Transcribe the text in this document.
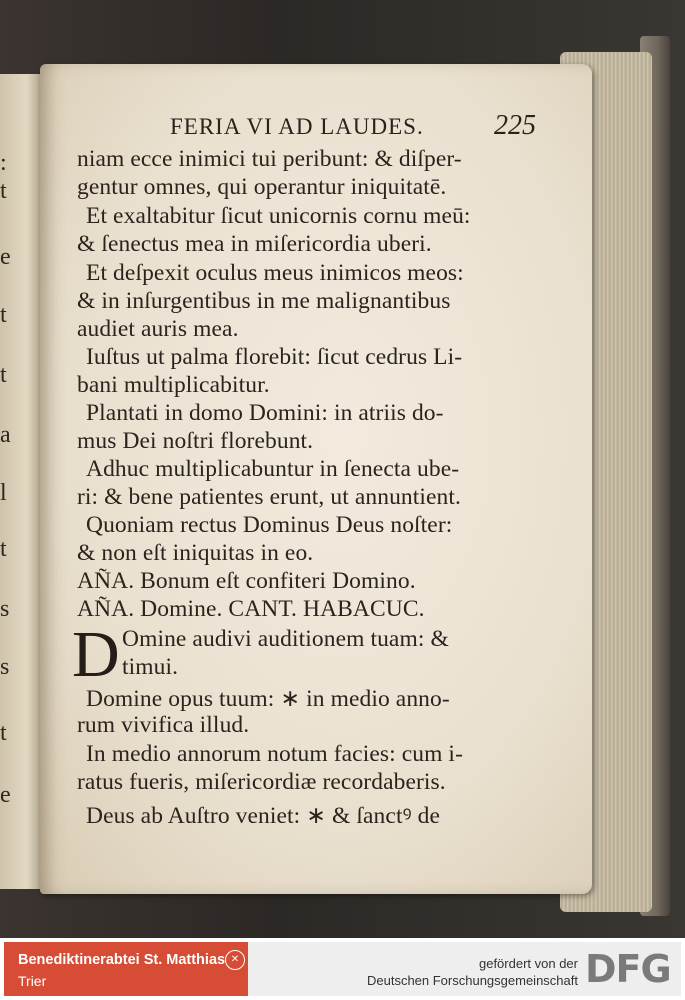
:
t
e
t
t
a
l
t
s
s
t
e
FERIA VI AD LAUDES.	225
niam ecce inimici tui peribunt: & diſper-
gentur omnes, qui operantur iniquitatē.
Et exaltabitur ſicut unicornis cornu meū:
& ſenectus mea in miſericordia uberi.
Et deſpexit oculus meus inimicos meos:
& in inſurgentibus in me malignantibus
audiet auris mea.
Iuſtus ut palma florebit: ſicut cedrus Li-
bani multiplicabitur.
Plantati in domo Domini: in atriis do-
mus Dei noſtri florebunt.
Adhuc multiplicabuntur in ſenecta ube-
ri: & bene patientes erunt, ut annuntient.
Quoniam rectus Dominus Deus noſter:
& non eſt iniquitas in eo.
AÑA. Bonum eſt confiteri Domino.
AÑA. Domine. CANT. HABACUC.
D Omine audivi auditionem tuam: &
timui.
Domine opus tuum: ∗ in medio anno-
rum vivifica illud.
In medio annorum notum facies: cum i-
ratus fueris, miſericordiæ recordaberis.
Deus ab Auſtro veniet: ∗ & ſanctꝰ de
Benediktinerabtei St. Matthias
Trier
✕	gefördert von der
Deutschen Forschungsgemeinschaft DFG
